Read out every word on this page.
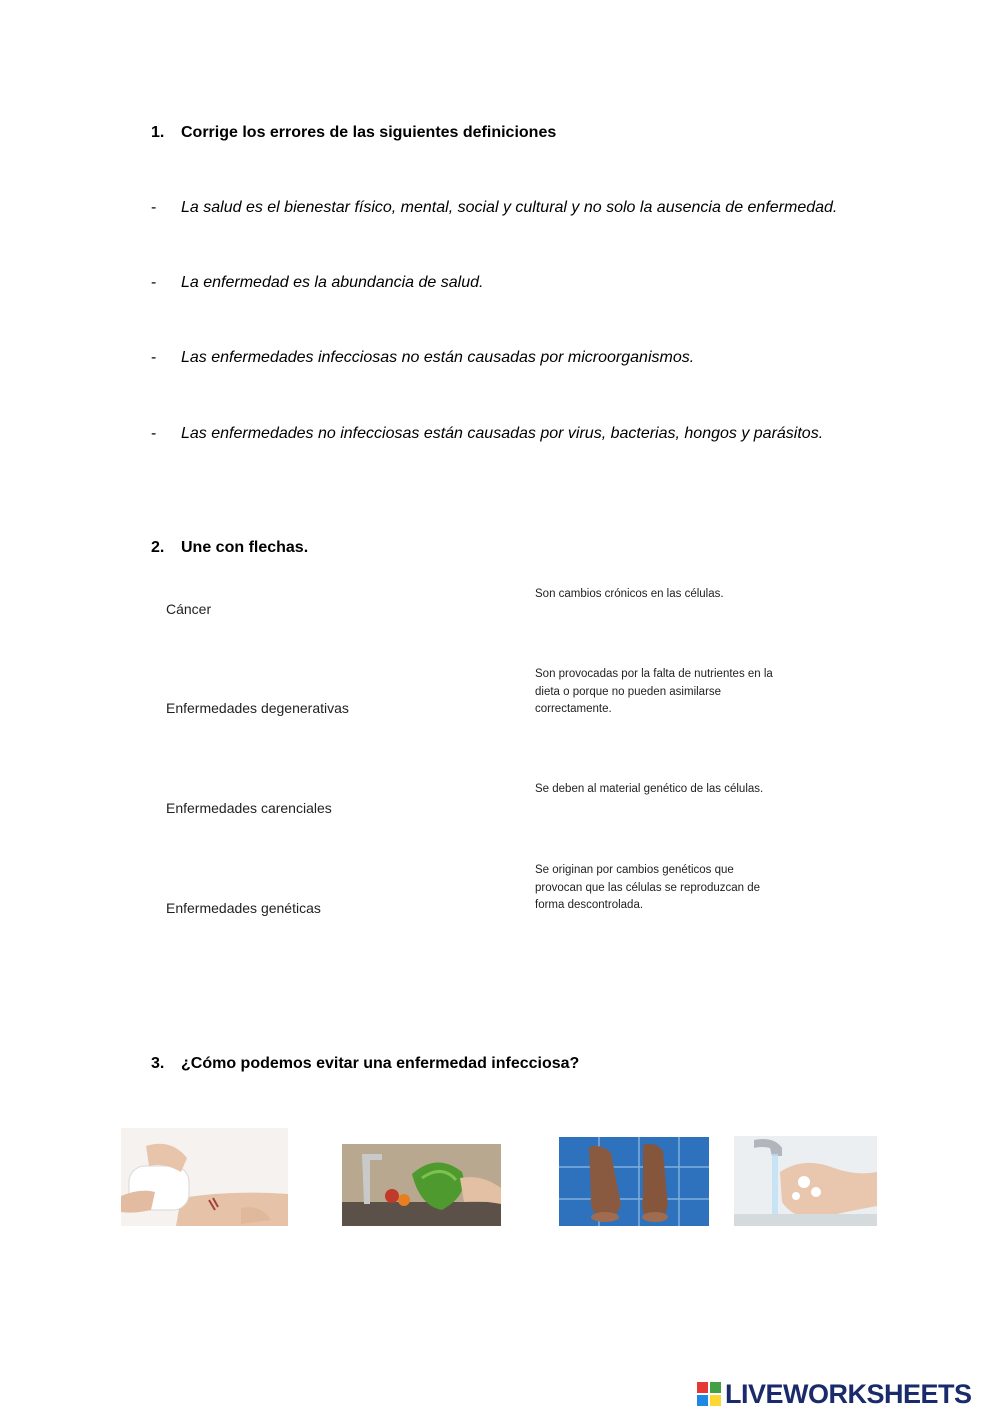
1. Corrige los errores de las siguientes definiciones
- La salud es el bienestar físico, mental, social y cultural y no solo la ausencia de enfermedad.
- La enfermedad es la abundancia de salud.
- Las enfermedades infecciosas no están causadas por microorganismos.
- Las enfermedades no infecciosas están causadas por virus, bacterias, hongos y parásitos.
2. Une con flechas.
Cáncer
Enfermedades degenerativas
Enfermedades carenciales
Enfermedades genéticas
Son cambios crónicos en las células.
Son provocadas por la falta de nutrientes en la dieta o porque no pueden asimilarse correctamente.
Se deben al material genético de las células.
Se originan por cambios genéticos que provocan que las células se reproduzcan de forma descontrolada.
3. ¿Cómo podemos evitar una enfermedad infecciosa?
LIVEWORKSHEETS
